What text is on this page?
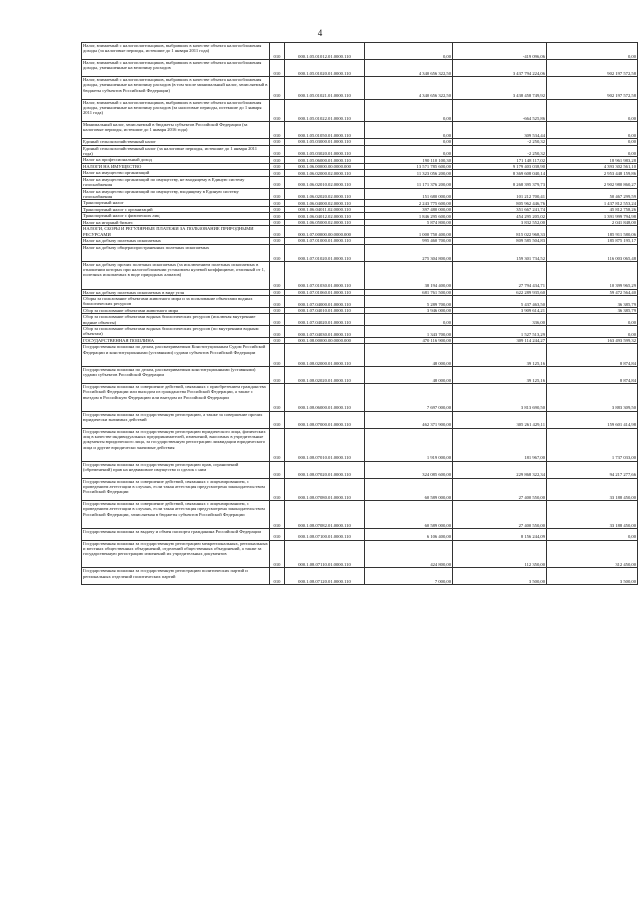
4
Налог, взимаемый с налогоплательщиков, выбравших в качестве объекта налогообложения доходы (за налоговые периоды, истекшие до 1 января 2011 года)	010	000.1.05.01012.01.0000.110	0,00	-419 096,06	0,00
Налог, взимаемый с налогоплательщиков, выбравших в качестве объекта налогообложения доходы, уменьшенные на величину расходов	010	000.1.05.01020.01.0000.110	4 340 656 322,50	3 437 794 224,06	902 197 572,58
Налог, взимаемый с налогоплательщиков, выбравших в качестве объекта налогообложения доходы, уменьшенные на величину расходов (в том числе минимальный налог, зачисляемый в бюджеты субъектов Российской Федерации)	010	000.1.05.01021.01.0000.110	4 340 656 322,50	3 438 458 749,92	902 197 572,58
Налог, взимаемый с налогоплательщиков, выбравших в качестве объекта налогообложения доходы, уменьшенные на величину расходов (за налоговые периоды, истекшие до 1 января 2011 года)	010	000.1.05.01022.01.0000.110	0,00	-664 525,86	0,00
Минимальный налог, зачисляемый в бюджеты субъектов Российской Федерации (за налоговые периоды, истекшие до 1 января 2016 года)	010	000.1.05.01050.01.0000.110	0,00	309 534,44	0,00
Единый сельскохозяйственный налог	010	000.1.05.03000.01.0000.110	0,00	-2 250,32	0,00
Единый сельскохозяйственный налог (за налоговые периоды, истекшие до 1 января 2011 года)	010	000.1.05.03020.01.0000.110	0,00	-2 250,32	0,00
Налог на профессиональный доход	010	000.1.05.06000.01.0000.110	190 110 100,30	171 148 117,02	18 961 983,28
НАЛОГИ НА ИМУЩЕСТВО	010	000.1.06.00000.00.0000.000	13 571 785 600,00	9 179 403 038,90	4 393 302 561,10
Налог на имущество организаций	010	000.1.06.02000.02.0000.110	11 323 056 200,00	8 369 608 040,14	2 953 448 159,86
Налог на имущество организаций по имуществу, не входящему в Единую систему газоснабжения	010	000.1.06.02010.02.0000.110	11 171 376 200,00	8 268 395 379,73	2 902 980 860,27
Налог на имущество организаций по имуществу, входящему в Единую систему газоснабжения	010	000.1.06.02020.02.0000.110	151 680 000,00	101 212 700,41	50 467 299,59
Транспортный налог	010	000.1.06.04000.02.0000.110	2 243 775 600,00	805 962 446,76	1 437 812 553,24
Транспортный налог с организаций	010	000.1.06.04011.02.0000.110	397 480 000,00	351 667 241,74	45 812 758,26
Транспортный налог с физических лиц	010	000.1.06.04012.02.0000.110	1 846 295 600,00	454 295 205,02	1 391 999 794,98
Налог на игорный бизнес	010	000.1.06.05000.02.0000.110	5 874 800,00	3 832 552,00	2 041 848,00
НАЛОГИ, СБОРЫ И РЕГУЛЯРНЫЕ ПЛАТЕЖИ ЗА ПОЛЬЗОВАНИЕ ПРИРОДНЫМИ РЕСУРСАМИ	010	000.1.07.00000.00.0000.000	1 000 750 400,00	815 022 968,33	185 911 580,06
Налог на добычу полезных ископаемых	010	000.1.07.01000.01.0000.110	995 460 700,00	809 585 504,83	185 875 195,17
Налог на добычу общераспространенных полезных ископаемых	010	000.1.07.01020.01.0000.110	275 304 800,00	159 301 734,52	116 003 065,48
Налог на добычу прочих полезных ископаемых (за исключением полезных ископаемых в отношении которых при налогообложении установлен нулевой коэффициент, отличный от 1, полезных ископаемых в виде природных алмазов)	010	000.1.07.01030.01.0000.110	38 194 400,00	27 794 434,71	10 399 965,29
Налог на добычу полезных ископаемых в виде угля	010	000.1.07.01060.01.0000.110	681 761 500,00	622 289 935,60	59 472 564,40
Сборы за пользование объектами животного мира и за пользование объектами водных биологических ресурсов	010	000.1.07.04000.01.0000.110	5 289 700,00	5 437 463,50	36 385,79
Сбор за пользование объектами животного мира	010	000.1.07.04010.01.0000.110	3 946 000,00	3 909 614,21	36 385,79
Сбор за пользование объектами водных биологических ресурсов (исключая внутренние водные объекты)	010	000.1.07.04020.01.0000.110	0,00	336,00	0,00
Сбор за пользование объектами водных биологических ресурсов (по внутренним водным объектам)	010	000.1.07.04030.01.0000.110	1 343 700,00	1 527 513,29	0,00
ГОСУДАРСТВЕННАЯ ПОШЛИНА	010	000.1.08.00000.00.0000.000	470 116 900,00	309 114 244,27	163 493 599,32
Государственная пошлина по делам, рассматриваемым Конституционным Судом Российской Федерации и конституционными (уставными) судами субъектов Российской Федерации	010	000.1.08.02000.01.0000.110	48 000,00	39 125,16	8 874,84
Государственная пошлина по делам, рассматриваемым конституционными (уставными) судами субъектов Российской Федерации	010	000.1.08.02020.01.0000.110	48 000,00	39 125,16	8 874,84
Государственная пошлина за совершение действий, связанных с приобретением гражданства Российской Федерации или выходом из гражданства Российской Федерации, а также с въездом в Российскую Федерацию или выездом из Российской Федерации	010	000.1.08.06000.01.0000.110	7 697 000,00	3 813 690,50	3 883 309,50
Государственная пошлина за государственную регистрацию, а также за совершение прочих юридически значимых действий	010	000.1.08.07000.01.0000.110	462 371 900,00	305 261 429,11	159 601 414,98
Государственная пошлина за государственную регистрацию юридического лица, физических лиц в качестве индивидуальных предпринимателей, изменений, вносимых в учредительные документы юридического лица, за государственную регистрацию ликвидации юридического лица и другие юридически значимые действия	010	000.1.08.07010.01.0000.110	1 919 000,00	181 967,00	1 737 033,00
Государственная пошлина за государственную регистрацию прав, ограничений (обременений) прав на недвижимое имущество и сделок с ним	010	000.1.08.07020.01.0000.110	324 085 600,00	229 868 322,34	94 217 277,66
Государственная пошлина за совершение действий, связанных с лицензированием, с проведением аттестации в случаях, если такая аттестация предусмотрена законодательством Российской Федерации	010	000.1.08.07080.01.0000.110	60 589 000,00	27 400 550,00	33 188 450,00
Государственная пошлина за совершение действий, связанных с лицензированием, с проведением аттестации в случаях, если такая аттестация предусмотрена законодательством Российской Федерации, зачисляемая в бюджеты субъектов Российской Федерации	010	000.1.08.07082.01.0000.110	60 589 000,00	27 400 550,00	33 188 450,00
Государственная пошлина за выдачу и обмен паспорта гражданина Российской Федерации	010	000.1.08.07100.01.0000.110	6 106 400,00	8 156 244,09	0,00
Государственная пошлина за государственную регистрацию межрегиональных, региональных и местных общественных объединений, отделений общественных объединений, а также за государственную регистрацию изменений их учредительных документов	010	000.1.08.07110.01.0000.110	424 800,00	112 350,00	312 450,00
Государственная пошлина за государственную регистрацию политических партий и региональных отделений политических партий	010	000.1.08.07120.01.0000.110	7 000,00	3 500,00	3 500,00
